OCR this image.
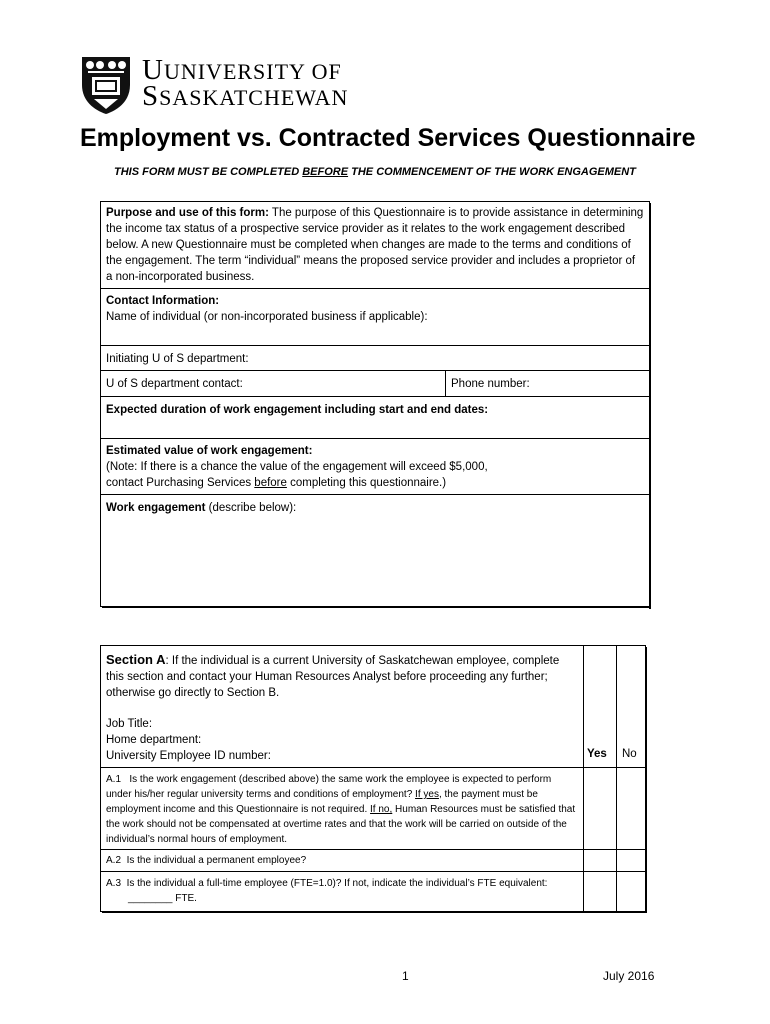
UUNIVERSITY OF
SSASKATCHEWAN
Employment vs. Contracted Services Questionnaire
THIS FORM MUST BE COMPLETED BEFORE THE COMMENCEMENT OF THE WORK ENGAGEMENT
Purpose and use of this form: The purpose of this Questionnaire is to provide assistance in determining the income tax status of a prospective service provider as it relates to the work engagement described below. A new Questionnaire must be completed when changes are made to the terms and conditions of the engagement. The term “individual” means the proposed service provider and includes a proprietor of a non-incorporated business.
Contact Information:
Name of individual (or non-incorporated business if applicable):
Initiating U of S department:
U of S department contact:	Phone number:
Expected duration of work engagement including start and end dates:
Estimated value of work engagement:
(Note: If there is a chance the value of the engagement will exceed $5,000,
contact Purchasing Services before completing this questionnaire.)
Work engagement (describe below):
Section A: If the individual is a current University of Saskatchewan employee, complete this section and contact your Human Resources Analyst before proceeding any further; otherwise go directly to Section B.
Job Title:
Home department:
University Employee ID number:	Yes No
A.1 Is the work engagement (described above) the same work the employee is expected to perform under his/her regular university terms and conditions of employment? If yes, the payment must be employment income and this Questionnaire is not required. If no, Human Resources must be satisfied that the work should not be compensated at overtime rates and that the work will be carried on outside of the individual’s normal hours of employment.
A.2 Is the individual a permanent employee?
A.3 Is the individual a full-time employee (FTE=1.0)? If not, indicate the individual’s FTE equivalent:
________ FTE.
1	July 2016
